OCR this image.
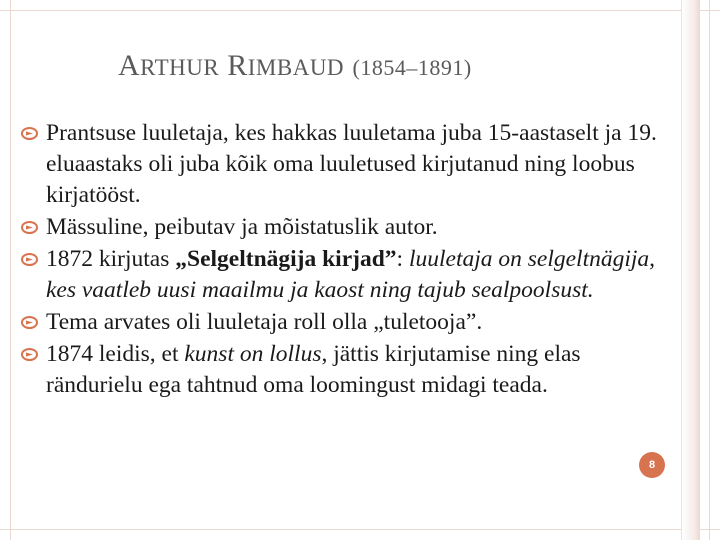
ARTHUR RIMBAUD (1854–1891)
Prantsuse luuletaja, kes hakkas luuletama juba 15-aastaselt ja 19. eluaastaks oli juba kõik oma luuletused kirjutanud ning loobus kirjatööst.
Mässuline, peibutav ja mõistatuslik autor.
1872 kirjutas „Selgeltnägija kirjad”: luuletaja on selgeltnägija, kes vaatleb uusi maailmu ja kaost ning tajub sealpoolsust.
Tema arvates oli luuletaja roll olla „tuletooja”.
1874 leidis, et kunst on lollus, jättis kirjutamise ning elas rändurielu ega tahtnud oma loomingust midagi teada.
8
